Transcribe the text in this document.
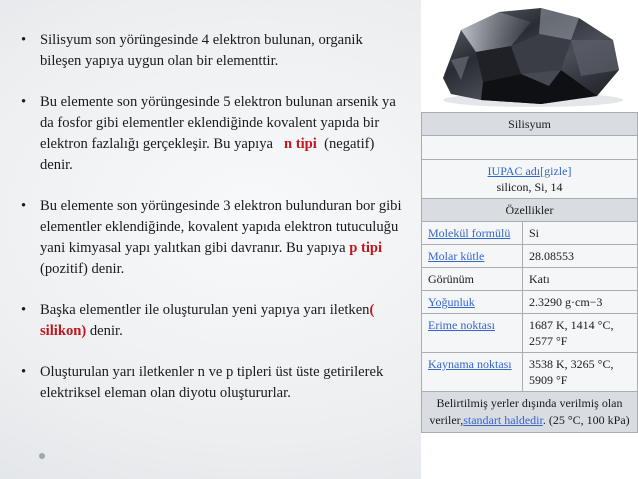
• Silisyum son yörüngesinde 4 elektron bulunan, organik bileşen yapıya uygun olan bir elementtir.
• Bu elemente son yörüngesinde 5 elektron bulunan arsenik ya da fosfor gibi elementler eklendiğinde kovalent yapıda bir elektron fazlalığı gerçekleşir. Bu yapıya   n tipi  (negatif) denir.
• Bu elemente son yörüngesinde 3 elektron bulunduran bor gibi elementler eklendiğinde, kovalent yapıda elektron tutuculuğu yani kimyasal yapı yalıtkan gibi davranır. Bu yapıya p tipi (pozitif) denir.
• Başka elementler ile oluşturulan yeni yapıya yarı iletken( silikon) denir.
• Oluşturulan yarı iletkenler n ve p tipleri üst üste getirilerek elektriksel eleman olan diyotu oluştururlar.
Silisyum	

IUPAC adı[gizle]
silicon, Si, 14	
Özellikler	
Molekül formülü	Si
Molar kütle	28.08553
Görünüm	Katı
Yoğunluk	2.3290 g·cm−3
Erime noktası	1687 K, 1414 °C, 2577 °F
Kaynama noktası	3538 K, 3265 °C, 5909 °F
Belirtilmiş yerler dışında verilmiş olan veriler,standart haldedir. (25 °C, 100 kPa)	
